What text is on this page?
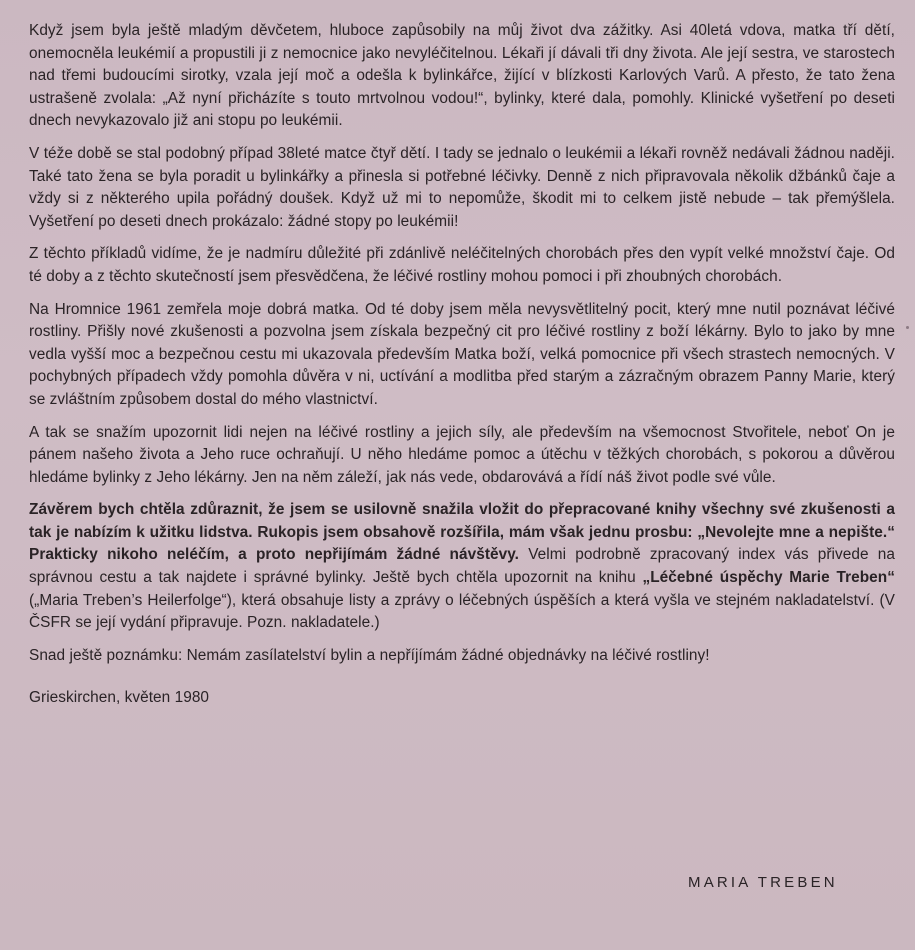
Když jsem byla ještě mladým děvčetem, hluboce zapůsobily na můj život dva zážitky. Asi 40letá vdova, matka tří dětí, onemocněla leukémií a propustili ji z nemocnice jako nevyléčitelnou. Lékaři jí dávali tři dny života. Ale její sestra, ve starostech nad třemi budoucími sirotky, vzala její moč a odešla k bylinkářce, žijící v blízkosti Karlových Varů. A přesto, že tato žena ustrašeně zvolala: „Až nyní přicházíte s touto mrtvolnou vodou!“, bylinky, které dala, pomohly. Klinické vyšetření po deseti dnech nevykazovalo již ani stopu po leukémii.

V téže době se stal podobný případ 38leté matce čtyř dětí. I tady se jednalo o leukémii a lékaři rovněž nedávali žádnou naději. Také tato žena se byla poradit u bylinkářky a přinesla si potřebné léčivky. Denně z nich připravovala několik džbánků čaje a vždy si z některého upila pořádný doušek. Když už mi to nepomůže, škodit mi to celkem jistě nebude – tak přemýšlela. Vyšetření po deseti dnech prokázalo: žádné stopy po leukémii!

Z těchto příkladů vidíme, že je nadmíru důležité při zdánlivě neléčitelných chorobách přes den vypít velké množství čaje. Od té doby a z těchto skutečností jsem přesvědčena, že léčivé rostliny mohou pomoci i při zhoubných chorobách.

Na Hromnice 1961 zemřela moje dobrá matka. Od té doby jsem měla nevysvětlitelný pocit, který mne nutil poznávat léčivé rostliny. Přišly nové zkušenosti a pozvolna jsem získala bezpečný cit pro léčivé rostliny z boží lékárny. Bylo to jako by mne vedla vyšší moc a bezpečnou cestu mi ukazovala především Matka boží, velká pomocnice při všech strastech nemocných. V pochybných případech vždy pomohla důvěra v ni, uctívání a modlitba před starým a zázračným obrazem Panny Marie, který se zvláštním způsobem dostal do mého vlastnictví.

A tak se snažím upozornit lidi nejen na léčivé rostliny a jejich síly, ale především na všemocnost Stvořitele, neboť On je pánem našeho života a Jeho ruce ochraňují. U něho hledáme pomoc a útěchu v těžkých chorobách, s pokorou a důvěrou hledáme bylinky z Jeho lékárny. Jen na něm záleží, jak nás vede, obdarovává a řídí náš život podle své vůle.

Závěrem bych chtěla zdůraznit, že jsem se usilovně snažila vložit do přepracované knihy všechny své zkušenosti a tak je nabízím k užitku lidstva. Rukopis jsem obsahově rozšířila, mám však jednu prosbu: „Nevolejte mne a nepište.“ Prakticky nikoho neléčím, a proto nepřijímám žádné návštěvy. Velmi podrobně zpracovaný index vás přivede na správnou cestu a tak najdete i správné bylinky. Ještě bych chtěla upozornit na knihu „Léčebné úspěchy Marie Treben“ („Maria Treben’s Heilerfolge“), která obsahuje listy a zprávy o léčebných úspěších a která vyšla ve stejném nakladatelství. (V ČSFR se její vydání připravuje. Pozn. nakladatele.)

Snad ještě poznámku: Nemám zasílatelství bylin a nepříjímám žádné objednávky na léčivé rostliny!

Grieskirchen, květen 1980

MARIA TREBEN
